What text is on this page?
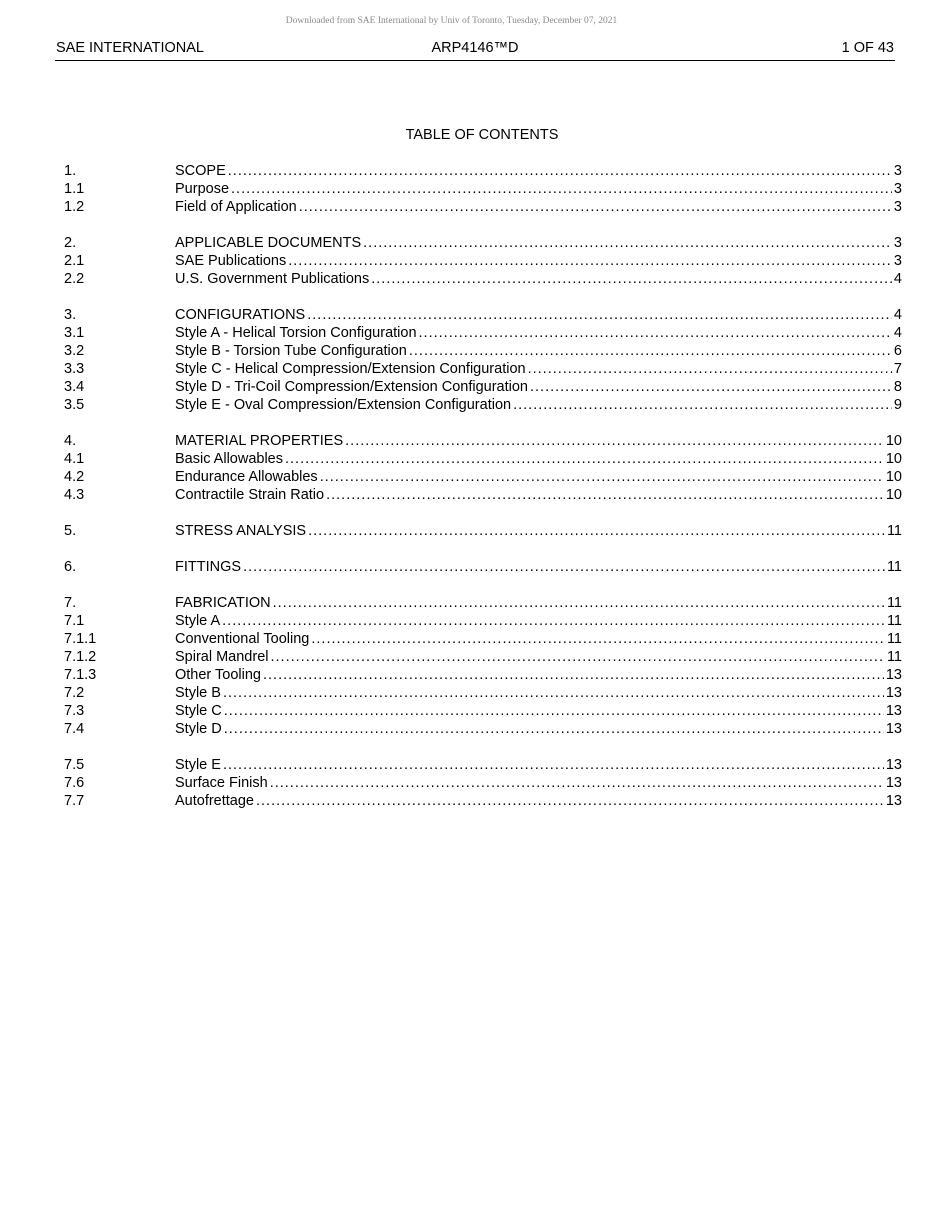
Downloaded from SAE International by Univ of Toronto, Tuesday, December 07, 2021
ARP4146™D
SAE INTERNATIONAL	1 OF 43
TABLE OF CONTENTS
1.	SCOPE .....	3
1.1	Purpose .....	3
1.2	Field of Application .....	3
2.	APPLICABLE DOCUMENTS .....	3
2.1	SAE Publications .....	3
2.2	U.S. Government Publications .....	4
3.	CONFIGURATIONS .....	4
3.1	Style A - Helical Torsion Configuration .....	4
3.2	Style B - Torsion Tube Configuration .....	6
3.3	Style C - Helical Compression/Extension Configuration .....	7
3.4	Style D - Tri-Coil Compression/Extension Configuration .....	8
3.5	Style E - Oval Compression/Extension Configuration .....	9
4.	MATERIAL PROPERTIES .....	10
4.1	Basic Allowables .....	10
4.2	Endurance Allowables .....	10
4.3	Contractile Strain Ratio .....	10
5.	STRESS ANALYSIS .....	11
6.	FITTINGS .....	11
7.	FABRICATION .....	11
7.1	Style A .....	11
7.1.1	Conventional Tooling .....	11
7.1.2	Spiral Mandrel .....	11
7.1.3	Other Tooling .....	13
7.2	Style B .....	13
7.3	Style C .....	13
7.4	Style D .....	13
7.5	Style E .....	13
7.6	Surface Finish .....	13
7.7	Autofrettage .....	13
